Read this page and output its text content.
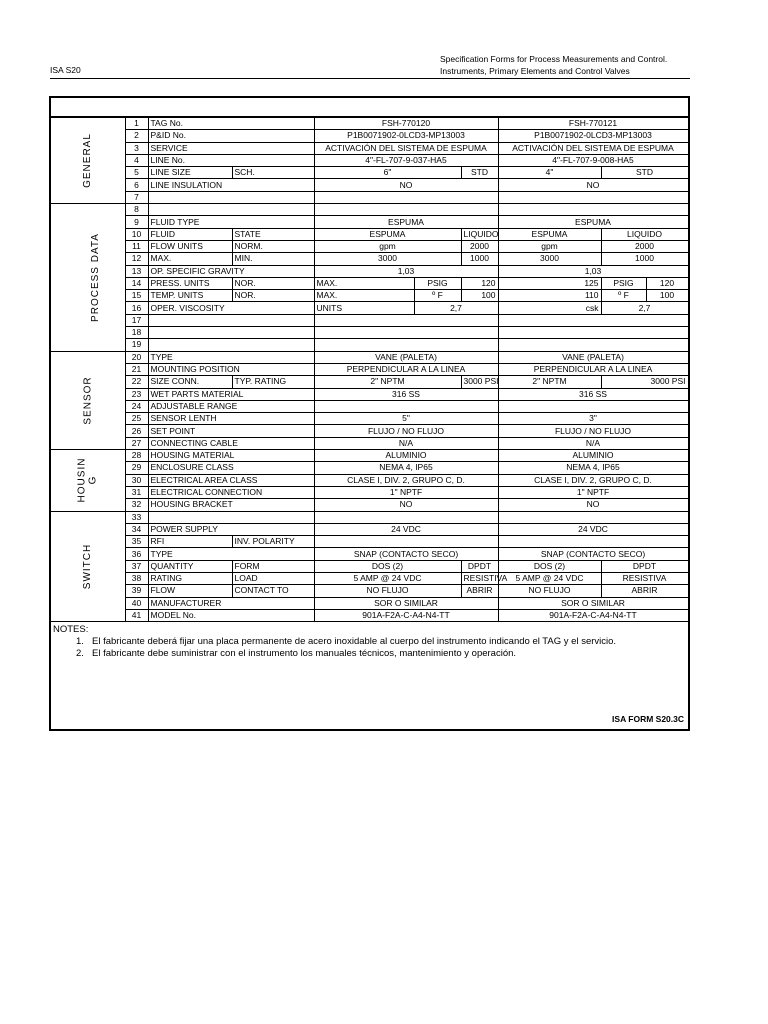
Specification Forms for Process Measurements and Control.
Instruments, Primary Elements and Control Valves
ISA S20
GENERAL	1	TAG No.		FSH-770120			FSH-770121			
	2	P&ID No.		P1B0071902-0LCD3-MP13003			P1B0071902-0LCD3-MP13003			
	3	SERVICE		ACTIVACIÓN DEL SISTEMA DE ESPUMA			ACTIVACIÓN DEL SISTEMA DE ESPUMA			
	4	LINE No.		4"-FL-707-9-037-HA5			4"-FL-707-9-008-HA5			
	5	LINE SIZE	SCH.	6"		STD	4"	STD		
	6	LINE INSULATION		NO			NO			
	7									
PROCESS DATA	8									
	9	FLUID TYPE		ESPUMA			ESPUMA			
	10	FLUID	STATE	ESPUMA		LIQUIDO	ESPUMA	LIQUIDO		
	11	FLOW UNITS	NORM.	gpm		2000	gpm	2000		
	12	MAX.	MIN.	3000		1000	3000	1000		
	13	OP. SPECIFIC GRAVITY		1,03			1,03			
	14	PRESS. UNITS	NOR.	MAX.	PSIG	120	125	PSIG	120	
	15	TEMP. UNITS	NOR.	MAX.	º F	100	110	º F	100	
	16	OPER. VISCOSITY		UNITS	2,7		csk	2,7	
	17									
	18									
	19									
SENSOR	20	TYPE		VANE (PALETA)			VANE (PALETA)			
	21	MOUNTING POSITION		PERPENDICULAR A LA LINEA			PERPENDICULAR A LA LINEA			
	22	SIZE CONN.	TYP. RATING	2" NPTM		3000 PSI	2" NPTM	3000 PSI		
	23	WET PARTS MATERIAL		316 SS			316 SS			
	24	ADJUSTABLE RANGE								
	25	SENSOR LENTH		5"			3"			
	26	SET POINT		FLUJO / NO FLUJO			FLUJO / NO FLUJO			
	27	CONNECTING CABLE		N/A			N/A			
HOUSIN
G	28	HOUSING MATERIAL		ALUMINIO			ALUMINIO			
	29	ENCLOSURE CLASS		NEMA 4, IP65			NEMA 4, IP65			
	30	ELECTRICAL AREA CLASS		CLASE I, DIV. 2, GRUPO C, D.			CLASE I, DIV. 2, GRUPO C, D.			
	31	ELECTRICAL CONNECTION		1" NPTF			1" NPTF			
	32	HOUSING BRACKET		NO			NO			
SWITCH	33									
	34	POWER SUPPLY		24 VDC			24 VDC			
	35	RFI	INV. POLARITY							
	36	TYPE		SNAP (CONTACTO SECO)			SNAP (CONTACTO SECO)			
	37	QUANTITY	FORM	DOS (2)		DPDT	DOS (2)	DPDT		
	38	RATING	LOAD	5 AMP @ 24 VDC		RESISTIVA	5 AMP @ 24 VDC	RESISTIVA		
	39	FLOW	CONTACT TO	NO FLUJO		ABRIR	NO FLUJO	ABRIR		
	40	MANUFACTURER		SOR O SIMILAR			SOR O SIMILAR			
	41	MODEL No.		901A-F2A-C-A4-N4-TT			901A-F2A-C-A4-N4-TT			
NOTES:
1. El fabricante deberá fijar una placa permanente de acero inoxidable al cuerpo del instrumento indicando el TAG y el servicio.
2. El fabricante debe suministrar con el instrumento los manuales técnicos, mantenimiento y operación.
ISA FORM S20.3C
